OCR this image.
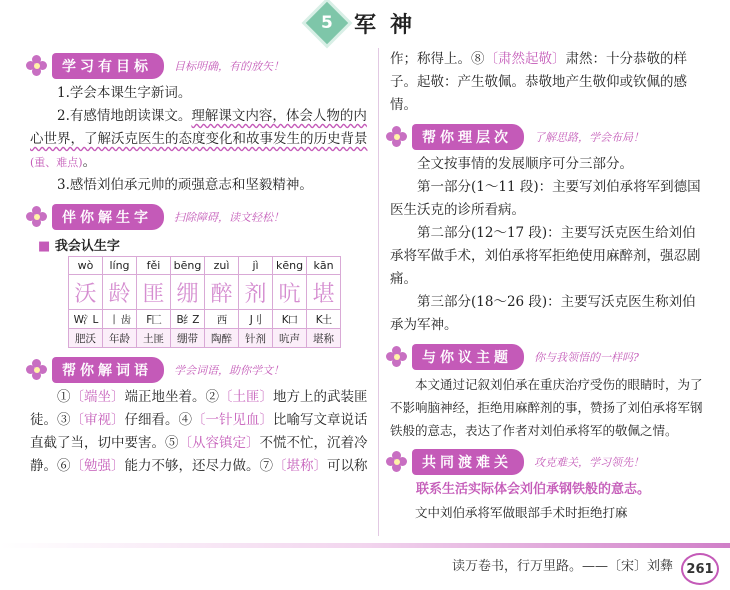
5 军神
学习有目标	目标明确，有的放矢！

1.学会本课生字新词。

2.有感情地朗读课文。理解课文内容，体会人物的内心世界，了解沃克医生的态度变化和故事发生的历史背景(重、难点)。

3.感悟刘伯承元帅的顽强意志和坚毅精神。

伴你解生字	扫除障碍，读文轻松！
■ 我会认生字
wò	líng	fěi	bēng	zuì	jì	kēng	kān
沃	龄	匪	绷	醉	剂	吭	堪
W氵L	丨 齿	F匚	B纟Z	西	J刂	K口	K土
肥沃	年龄	土匪	绷带	陶醉	针剂	吭声	堪称
帮你解词语	学会词语，助你学文！

①〔端坐〕端正地坐着。②〔土匪〕地方上的武装匪徒。③〔审视〕仔细看。④〔一针见血〕比喻写文章说话直截了当，切中要害。⑤〔从容镇定〕不慌不忙，沉着冷静。⑥〔勉强〕能力不够，还尽力做。⑦〔堪称〕可以称

作；称得上。⑧〔肃然起敬〕肃然：十分恭敬的样子。起敬：产生敬佩。恭敬地产生敬仰或钦佩的感情。

帮你理层次	了解思路，学会布局！

全文按事情的发展顺序可分三部分。

第一部分(1～11 段)：主要写刘伯承将军到德国医生沃克的诊所看病。

第二部分(12～17 段)：主要写沃克医生给刘伯承将军做手术，刘伯承将军拒绝使用麻醉剂，强忍剧痛。

第三部分(18～26 段)：主要写沃克医生称刘伯承为军神。

与你议主题	你与我领悟的一样吗?

本文通过记叙刘伯承在重庆治疗受伤的眼睛时，为了不影响脑神经，拒绝用麻醉剂的事，赞扬了刘伯承将军钢铁般的意志，表达了作者对刘伯承将军的敬佩之情。

共同渡难关	攻克难关，学习领先！

联系生活实际体会刘伯承钢铁般的意志。

文中刘伯承将军做眼部手术时拒绝打麻

读万卷书，行万里路。——〔宋〕刘彝	261
